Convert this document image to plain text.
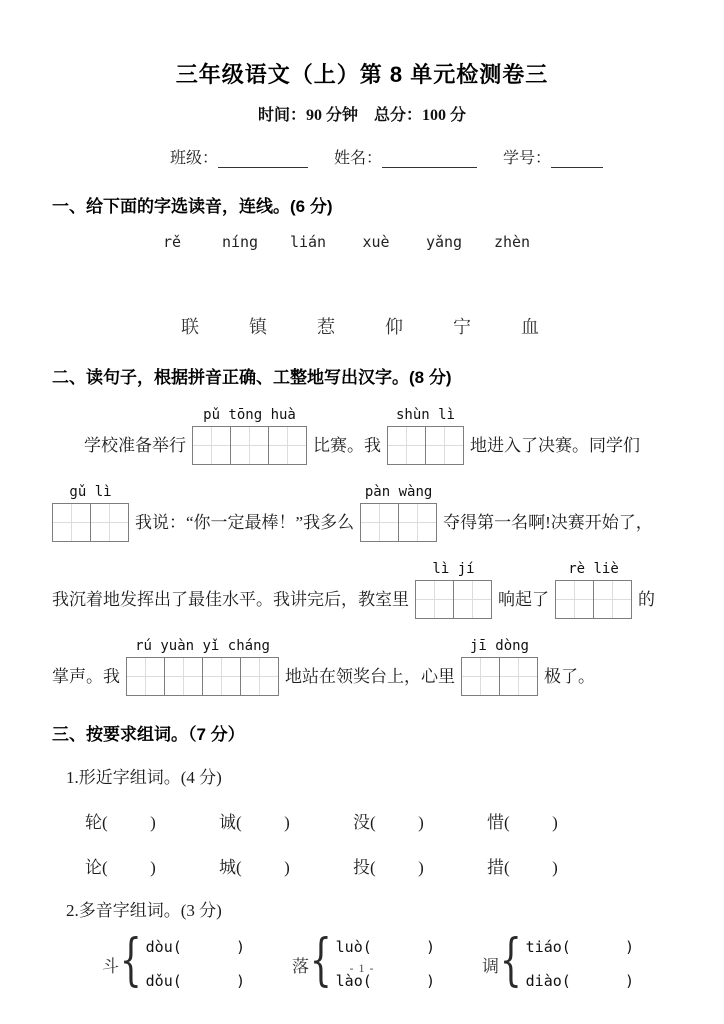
三年级语文（上）第 8 单元检测卷三
时间：90 分钟　总分：100 分
班级：	姓名：	学号：
一、给下面的字选读音，连线。(6 分)
rě	níng	lián	xuè	yǎng	zhèn
联	镇	惹	仰	宁	血
二、读句子，根据拼音正确、工整地写出汉字。(8 分)
学校准备举行
pǔ tōng huà
比赛。我
shùn lì
地进入了决赛。同学们
gǔ lì
我说：“你一定最棒！”我多么
pàn wàng
夺得第一名啊!决赛开始了，
我沉着地发挥出了最佳水平。我讲完后，教室里
lì jí
响起了
rè liè
的
掌声。我
rú yuàn yǐ cháng
地站在领奖台上，心里
jī dòng
极了。
三、按要求组词。（7 分）
1.形近字组词。(4 分)
轮(          )	诚(          )	没(          )	惜(          )
论(          )	城(          )	投(          )	措(          )
2.多音字组词。(3 分)
斗 { dòu(      )
dǒu(      )
落 { luò(      )
lào(      )
调 { tiáo(      )
diào(      )
- 1 -
